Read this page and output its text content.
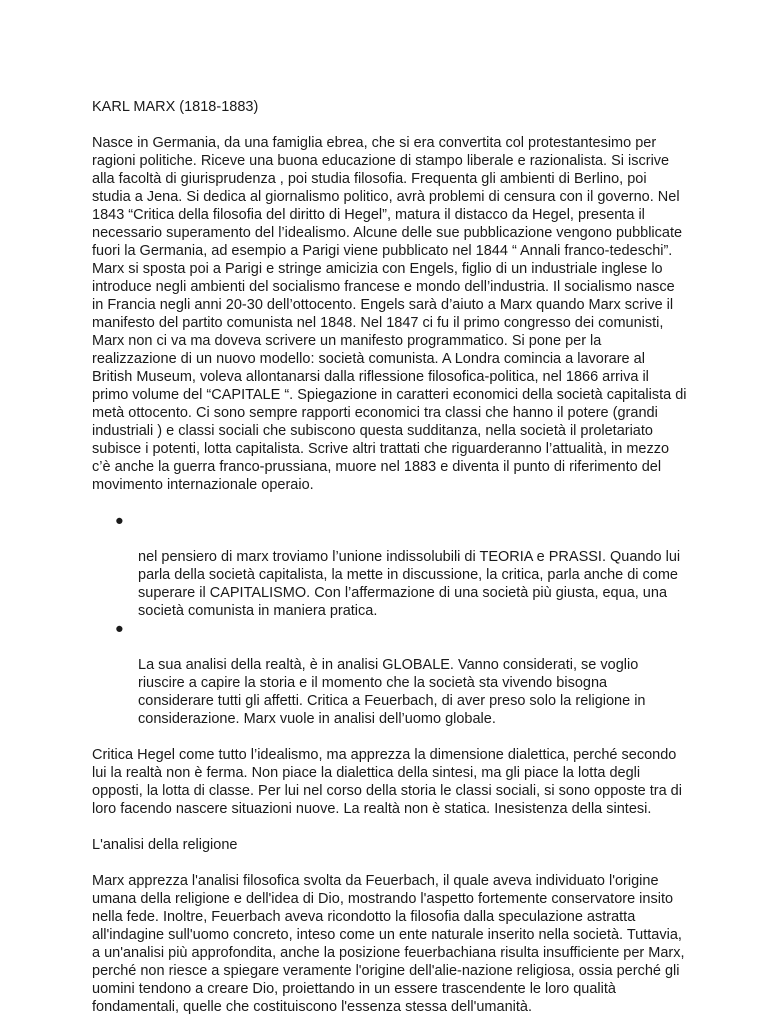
KARL MARX (1818-1883)

Nasce in Germania, da una famiglia ebrea, che si era convertita col protestantesimo per
ragioni politiche. Riceve una buona educazione di stampo liberale e razionalista. Si iscrive
alla facoltà di giurisprudenza , poi studia filosofia. Frequenta gli ambienti di Berlino, poi
studia a Jena. Si dedica al giornalismo politico, avrà problemi di censura con il governo. Nel
1843 “Critica della filosofia del diritto di Hegel”, matura il distacco da Hegel, presenta il
necessario superamento del l’idealismo. Alcune delle sue pubblicazione vengono pubblicate
fuori la Germania, ad esempio a Parigi viene pubblicato nel 1844 “ Annali franco-tedeschi”.
Marx si sposta poi a Parigi e stringe amicizia con Engels, figlio di un industriale inglese lo
introduce negli ambienti del socialismo francese e mondo dell’industria. Il socialismo nasce
in Francia negli anni 20-30 dell’ottocento. Engels sarà d’aiuto a Marx quando Marx scrive il
manifesto del partito comunista nel 1848. Nel 1847 ci fu il primo congresso dei comunisti,
Marx non ci va ma doveva scrivere un manifesto programmatico. Si pone per la
realizzazione di un nuovo modello: società comunista. A Londra comincia a lavorare al
British Museum, voleva allontanarsi dalla riflessione filosofica-politica, nel 1866 arriva il
primo volume del “CAPITALE “. Spiegazione in caratteri economici della società capitalista di
metà ottocento. Ci sono sempre rapporti economici tra classi che hanno il potere (grandi
industriali ) e classi sociali che subiscono questa sudditanza, nella società il proletariato
subisce i potenti, lotta capitalista. Scrive altri trattati che riguarderanno l’attualità, in mezzo
c’è anche la guerra franco-prussiana, muore nel 1883 e diventa il punto di riferimento del
movimento internazionale operaio.

●

nel pensiero di marx troviamo l’unione indissolubili di TEORIA e PRASSI. Quando lui
parla della società capitalista, la mette in discussione, la critica, parla anche di come
superare il CAPITALISMO. Con l’affermazione di una società più giusta, equa, una
società comunista in maniera pratica.

●

La sua analisi della realtà, è in analisi GLOBALE. Vanno considerati, se voglio
riuscire a capire la storia e il momento che la società sta vivendo bisogna
considerare tutti gli affetti. Critica a Feuerbach, di aver preso solo la religione in
considerazione. Marx vuole in analisi dell’uomo globale.

Critica Hegel come tutto l’idealismo, ma apprezza la dimensione dialettica, perché secondo
lui la realtà non è ferma. Non piace la dialettica della sintesi, ma gli piace la lotta degli
opposti, la lotta di classe. Per lui nel corso della storia le classi sociali, si sono opposte tra di
loro facendo nascere situazioni nuove. La realtà non è statica. Inesistenza della sintesi.

L'analisi della religione

Marx apprezza l'analisi filosofica svolta da Feuerbach, il quale aveva individuato l'origine
umana della religione e dell'idea di Dio, mostrando l'aspetto fortemente conservatore insito
nella fede. Inoltre, Feuerbach aveva ricondotto la filosofia dalla speculazione astratta
all'indagine sull'uomo concreto, inteso come un ente naturale inserito nella società. Tuttavia,
a un'analisi più approfondita, anche la posizione feuerbachiana risulta insufficiente per Marx,
perché non riesce a spiegare veramente l'origine dell'alie-nazione religiosa, ossia perché gli
uomini tendono a creare Dio, proiettando in un essere trascendente le loro qualità
fondamentali, quelle che costituiscono l'essenza stessa dell'umanità.
